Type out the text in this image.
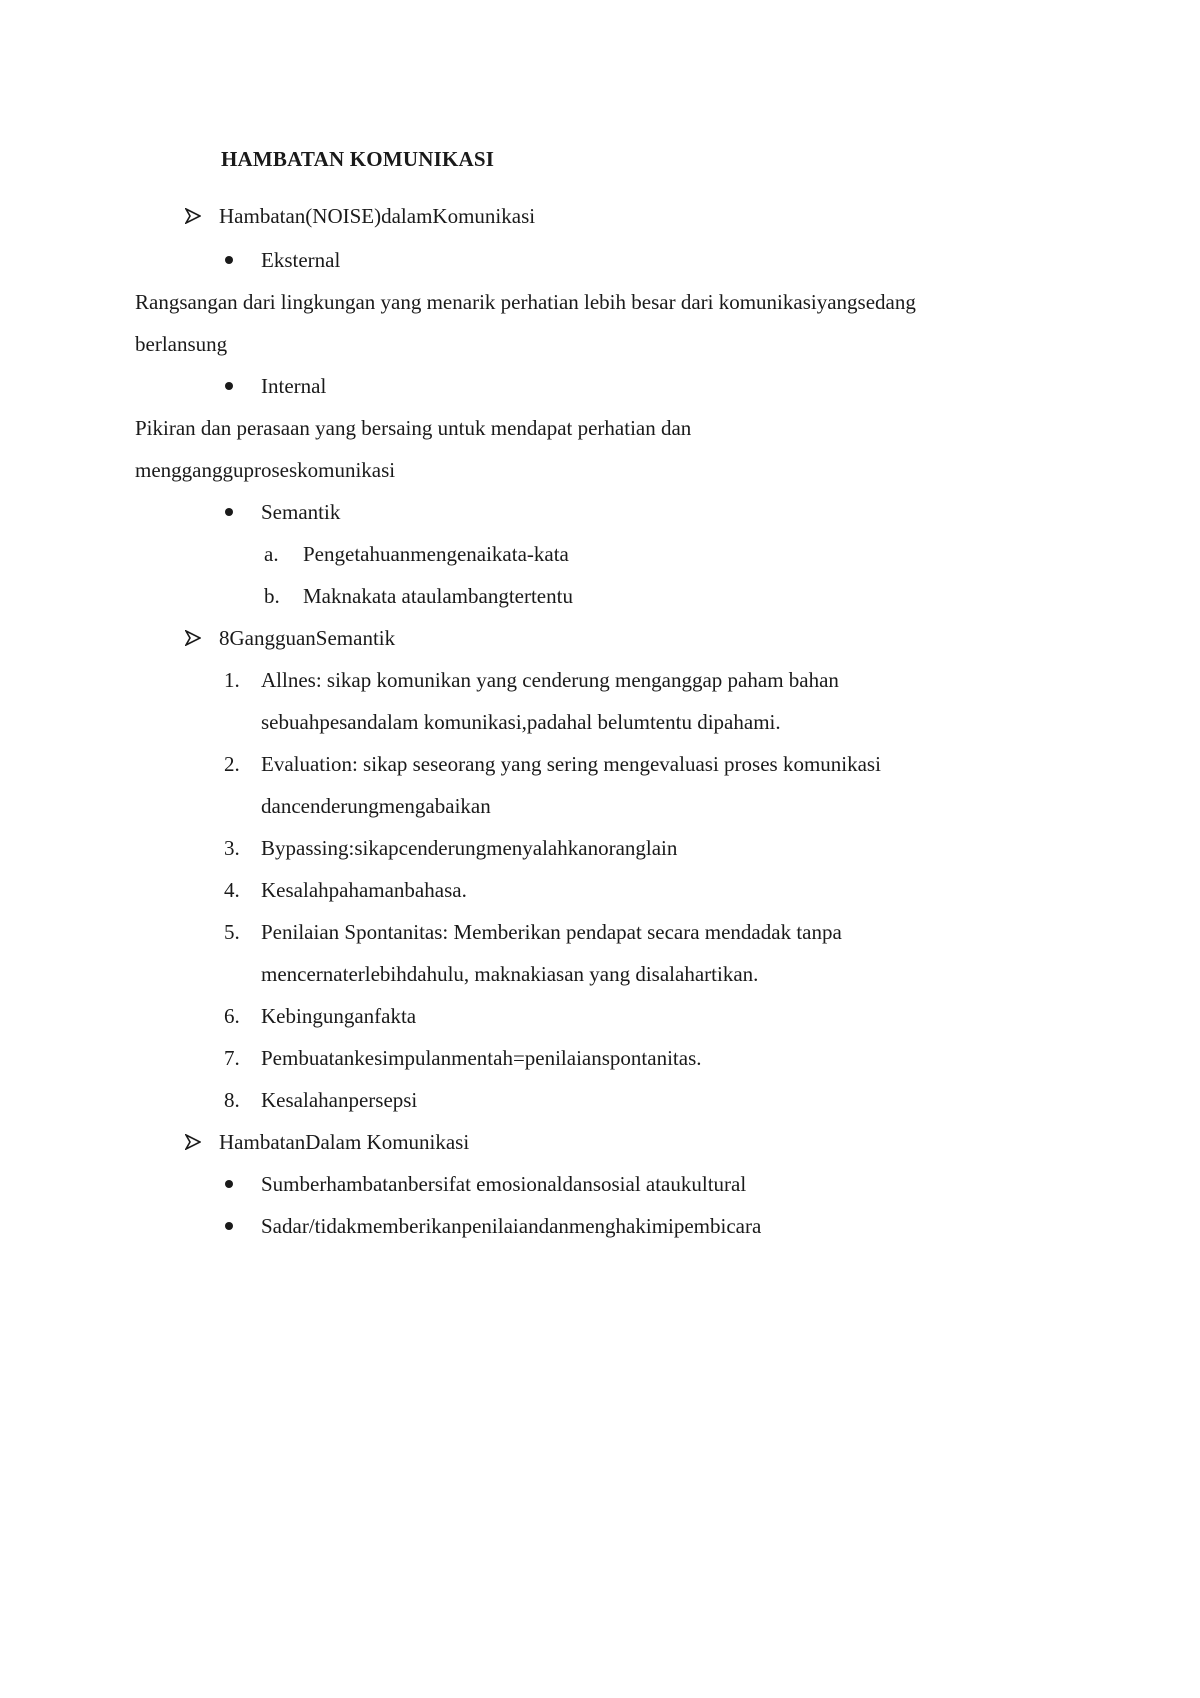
HAMBATAN KOMUNIKASI
Hambatan(NOISE)dalamKomunikasi
Eksternal
Rangsangan dari lingkungan yang menarik perhatian lebih besar dari komunikasiyangsedang
berlansung
Internal
Pikiran dan perasaan yang bersaing untuk mendapat perhatian dan
menggangguproseskomunikasi
Semantik
a. Pengetahuanmengenaikata-kata
b. Maknakata ataulambangtertentu
8GangguanSemantik
1. Allnes: sikap komunikan yang cenderung menganggap paham bahan
sebuahpesandalam komunikasi,padahal belumtentu dipahami.
2. Evaluation: sikap seseorang yang sering mengevaluasi proses komunikasi
dancenderungmengabaikan
3. Bypassing:sikapcenderungmenyalahkanoranglain
4. Kesalahpahamanbahasa.
5. Penilaian Spontanitas: Memberikan pendapat secara mendadak tanpa
mencernaterlebihdahulu, maknakiasan yang disalahartikan.
6. Kebingunganfakta
7. Pembuatankesimpulanmentah=penilaianspontanitas.
8. Kesalahanpersepsi
HambatanDalam Komunikasi
Sumberhambatanbersifat emosionaldansosial ataukultural
Sadar/tidakmemberikanpenilaiandanmenghakimipembicara
